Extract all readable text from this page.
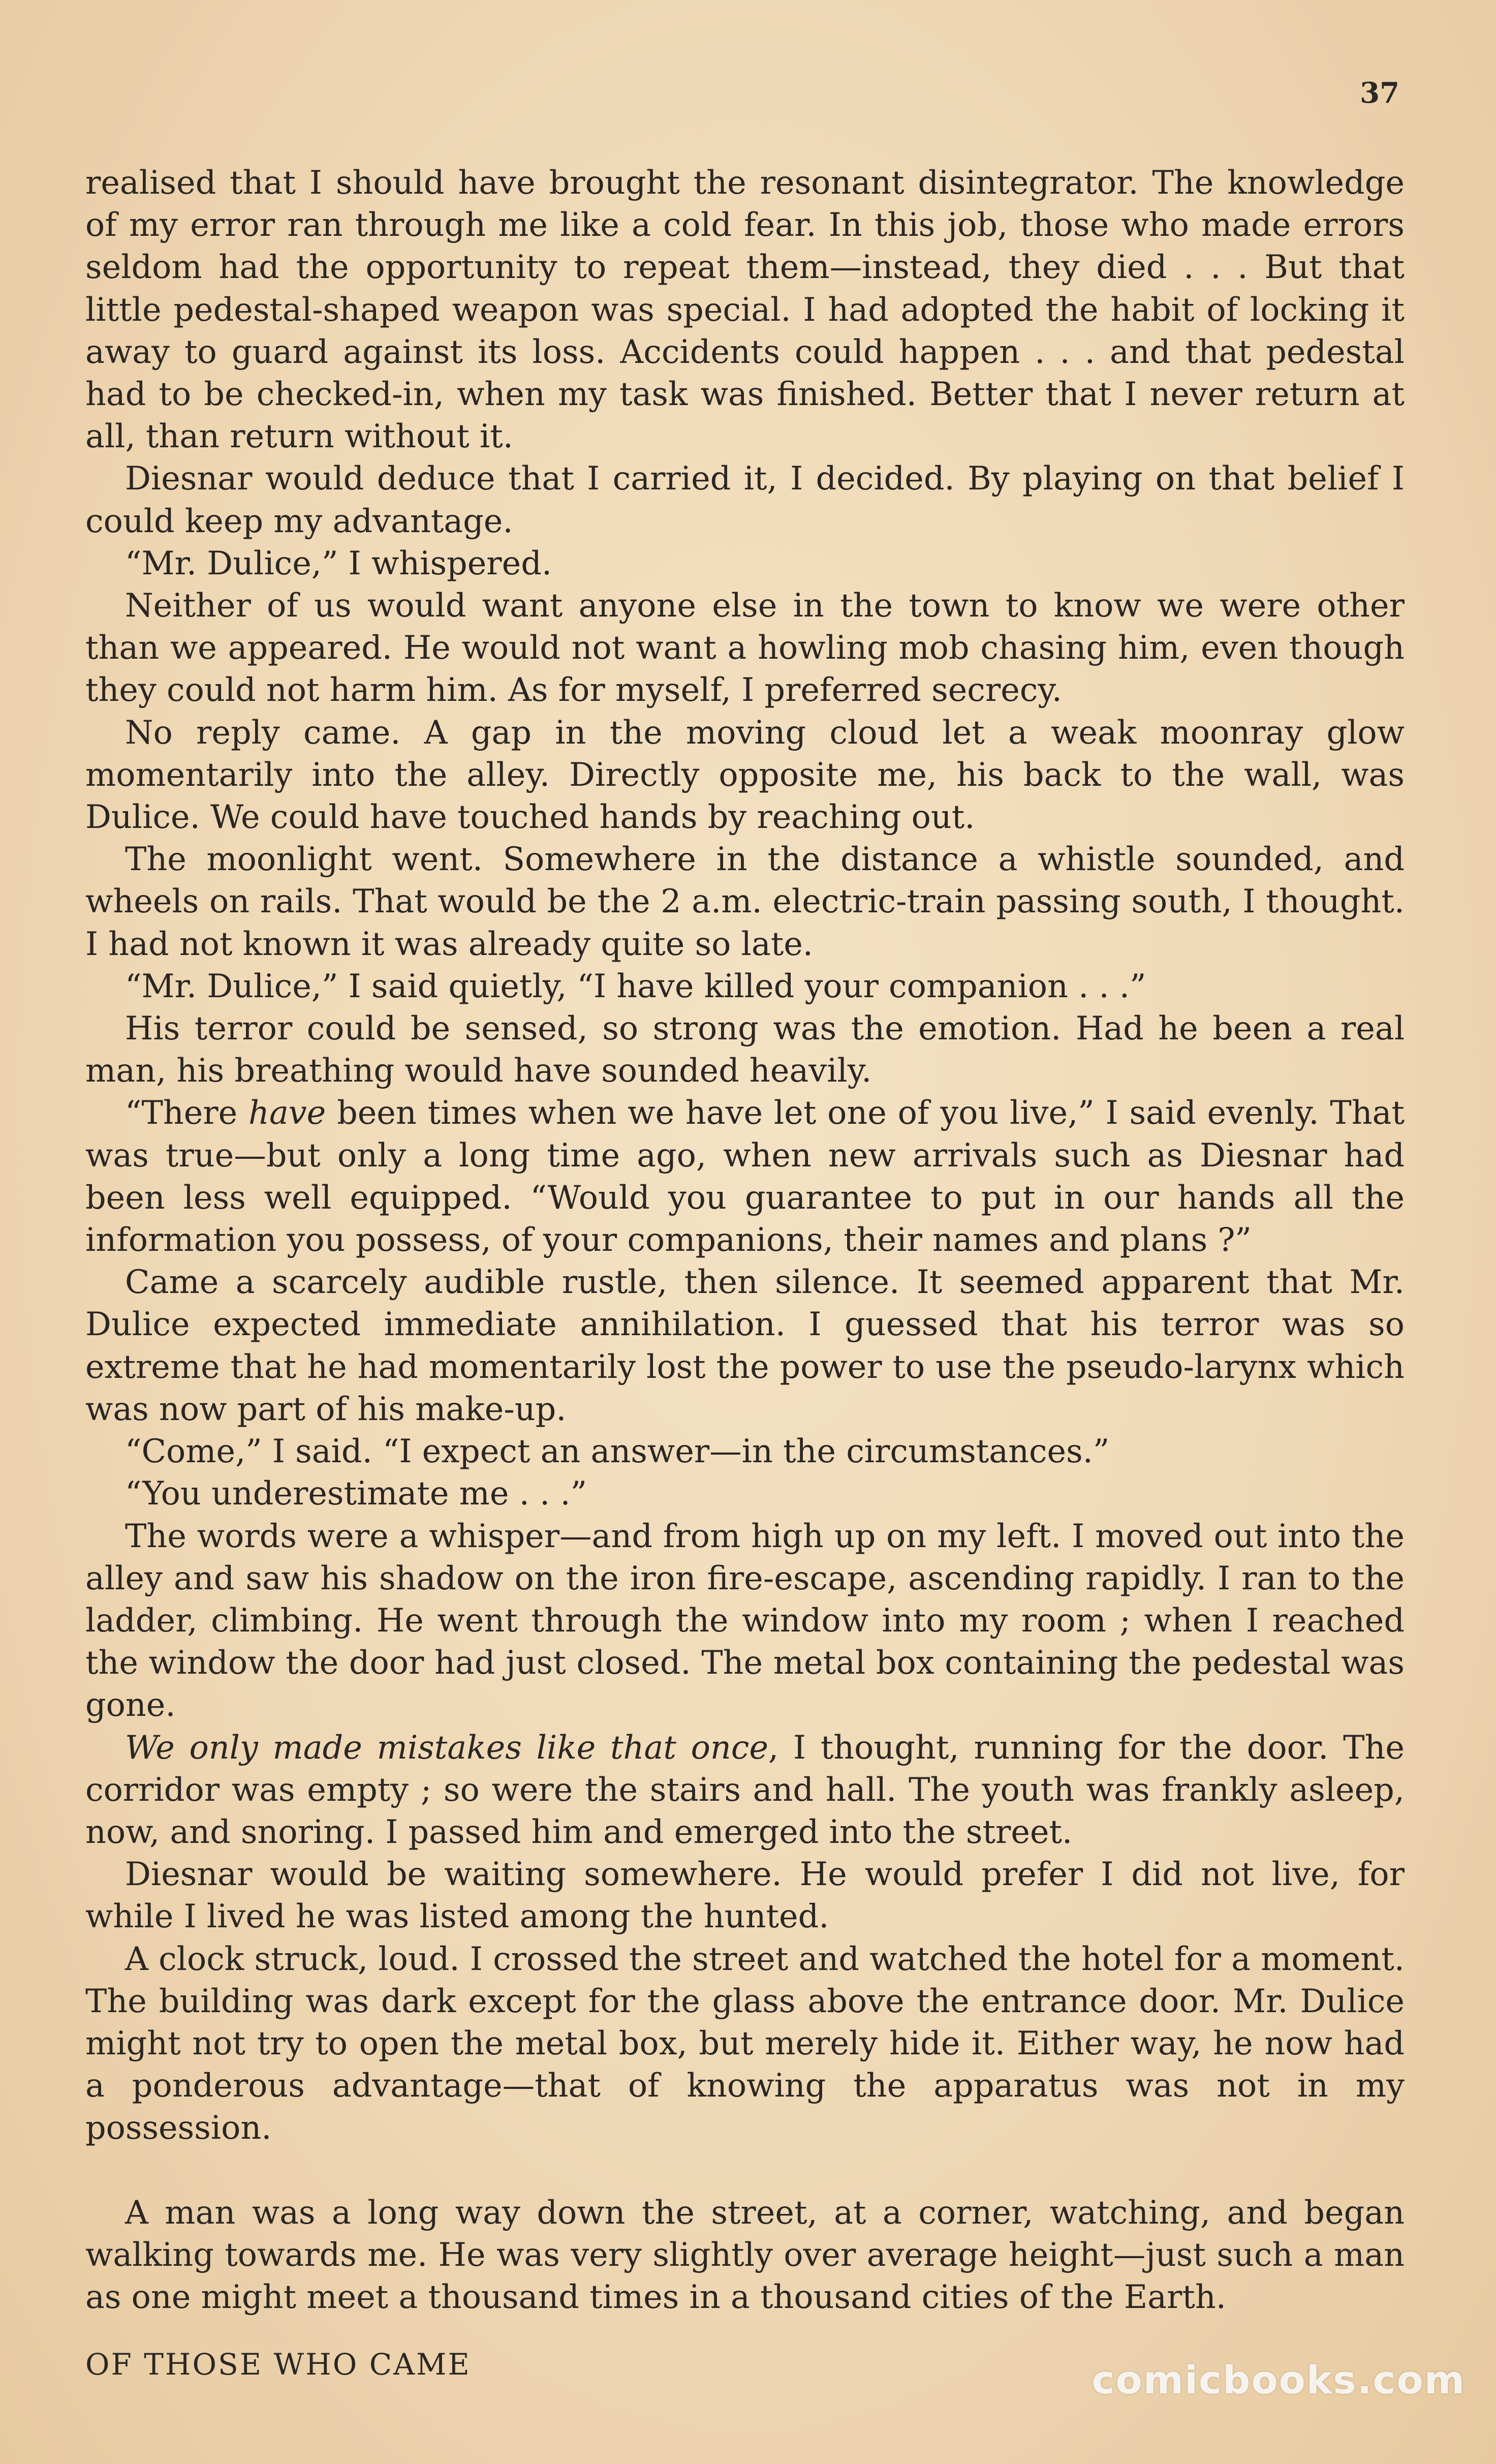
37

realised that I should have brought the resonant disintegrator. The knowledge of my error ran through me like a cold fear. In this job, those who made errors seldom had the opportunity to repeat them—instead, they died . . . But that little pedestal-shaped weapon was special. I had adopted the habit of locking it away to guard against its loss. Accidents could happen . . . and that pedestal had to be checked-in, when my task was finished. Better that I never return at all, than return without it.

Diesnar would deduce that I carried it, I decided. By playing on that belief I could keep my advantage.

“Mr. Dulice,” I whispered.

Neither of us would want anyone else in the town to know we were other than we appeared. He would not want a howling mob chasing him, even though they could not harm him. As for myself, I preferred secrecy.

No reply came. A gap in the moving cloud let a weak moonray glow momentarily into the alley. Directly opposite me, his back to the wall, was Dulice. We could have touched hands by reaching out.

The moonlight went. Somewhere in the distance a whistle sounded, and wheels on rails. That would be the 2 a.m. electric-train passing south, I thought. I had not known it was already quite so late.

“Mr. Dulice,” I said quietly, “I have killed your companion . . .”

His terror could be sensed, so strong was the emotion. Had he been a real man, his breathing would have sounded heavily.

“There have been times when we have let one of you live,” I said evenly. That was true—but only a long time ago, when new arrivals such as Diesnar had been less well equipped. “Would you guarantee to put in our hands all the information you possess, of your companions, their names and plans ?”

Came a scarcely audible rustle, then silence. It seemed apparent that Mr. Dulice expected immediate annihilation. I guessed that his terror was so extreme that he had momentarily lost the power to use the pseudo-larynx which was now part of his make-up.

“Come,” I said. “I expect an answer—in the circumstances.”

“You underestimate me . . .”

The words were a whisper—and from high up on my left. I moved out into the alley and saw his shadow on the iron fire-escape, ascending rapidly. I ran to the ladder, climbing. He went through the window into my room ; when I reached the window the door had just closed. The metal box containing the pedestal was gone.

We only made mistakes like that once, I thought, running for the door. The corridor was empty ; so were the stairs and hall. The youth was frankly asleep, now, and snoring. I passed him and emerged into the street.

Diesnar would be waiting somewhere. He would prefer I did not live, for while I lived he was listed among the hunted.

A clock struck, loud. I crossed the street and watched the hotel for a moment. The building was dark except for the glass above the entrance door. Mr. Dulice might not try to open the metal box, but merely hide it. Either way, he now had a ponderous advantage—that of knowing the apparatus was not in my possession.

A man was a long way down the street, at a corner, watching, and began walking towards me. He was very slightly over average height—just such a man as one might meet a thousand times in a thousand cities of the Earth.

OF THOSE WHO CAME	comicbooks.com
